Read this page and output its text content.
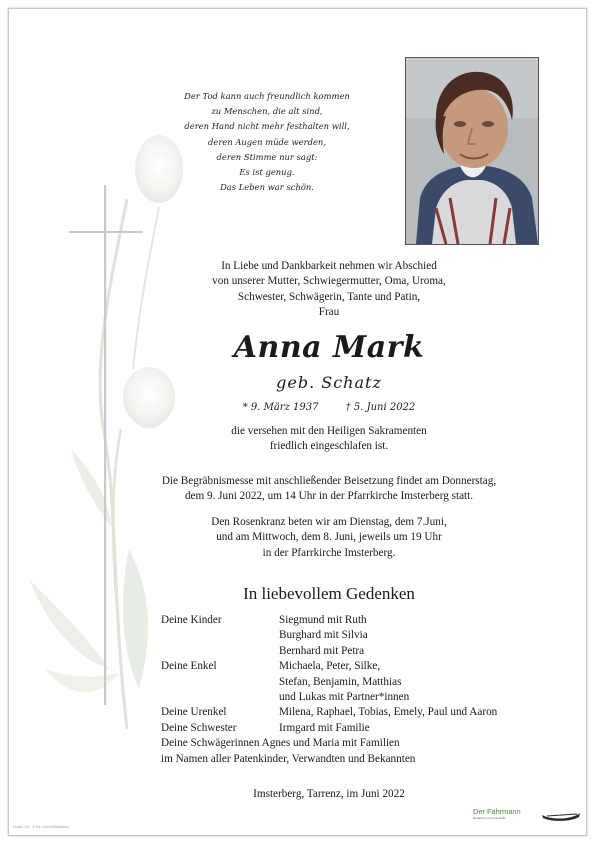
Der Tod kann auch freundlich kommen
zu Menschen, die alt sind,
deren Hand nicht mehr festhalten will,
deren Augen müde werden,
deren Stimme nur sagt:
Es ist genug.
Das Leben war schön.
In Liebe und Dankbarkeit nehmen wir Abschied
von unserer Mutter, Schwiegermutter, Oma, Uroma,
Schwester, Schwägerin, Tante und Patin,
Frau
Anna Mark
geb. Schatz
* 9. März 1937	† 5. Juni 2022
die versehen mit den Heiligen Sakramenten
friedlich eingeschlafen ist.
Die Begräbnismesse mit anschließender Beisetzung findet am Donnerstag,
dem 9. Juni 2022, um 14 Uhr in der Pfarrkirche Imsterberg statt.
Den Rosenkranz beten wir am Dienstag, dem 7.Juni,
und am Mittwoch, dem 8. Juni, jeweils um 19 Uhr
in der Pfarrkirche Imsterberg.
In liebevollem Gedenken
Deine Kinder	Siegmund mit Ruth
Burghard mit Silvia
Bernhard mit Petra
Deine Enkel	Michaela, Peter, Silke,
Stefan, Benjamin, Matthias
und Lukas mit Partner*innen
Deine Urenkel	Milena, Raphael, Tobias, Emely, Paul und Aaron
Deine Schwester	Irmgard mit Familie
Deine Schwägerinnen Agnes und Maria mit Familien
im Namen aller Patenkinder, Verwandten und Bekannten
Imsterberg, Tarrenz, im Juni 2022
Der Fährmann
Bestattung und Trauerhilfe
Druck: VS - © Fa. Lösch/Redaktion
